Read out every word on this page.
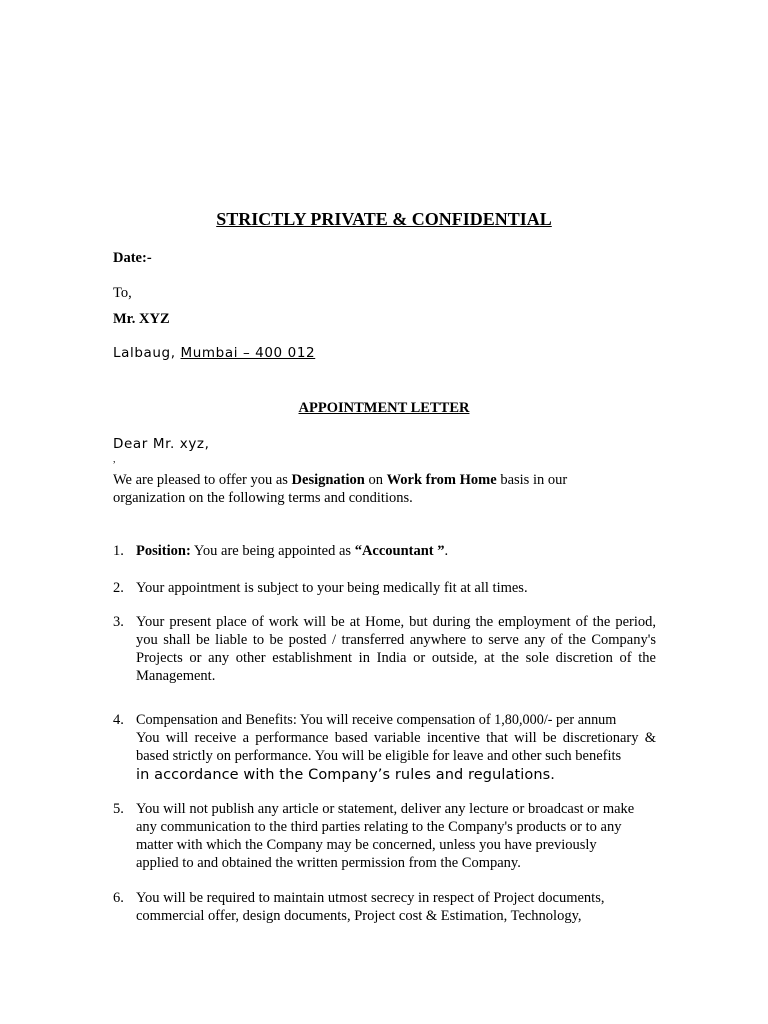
STRICTLY PRIVATE & CONFIDENTIAL
Date:-
To,
Mr. XYZ
Lalbaug, Mumbai – 400 012
APPOINTMENT LETTER
Dear Mr. xyz,
,
We are pleased to offer you as Designation on Work from Home basis in our
organization on the following terms and conditions.
1. Position: You are being appointed as “Accountant ”.
2. Your appointment is subject to your being medically fit at all times.
3. Your present place of work will be at Home, but during the employment of the period, you shall be liable to be posted / transferred anywhere to serve any of the Company's Projects or any other establishment in India or outside, at the sole discretion of the Management.
4. Compensation and Benefits: You will receive compensation of 1,80,000/- per annum
You will receive a performance based variable incentive that will be discretionary & based strictly on performance. You will be eligible for leave and other such benefits
in accordance with the Company’s rules and regulations.
5. You will not publish any article or statement, deliver any lecture or broadcast or make
any communication to the third parties relating to the Company's products or to any
matter with which the Company may be concerned, unless you have previously
applied to and obtained the written permission from the Company.
6. You will be required to maintain utmost secrecy in respect of Project documents,
commercial offer, design documents, Project cost & Estimation, Technology,
